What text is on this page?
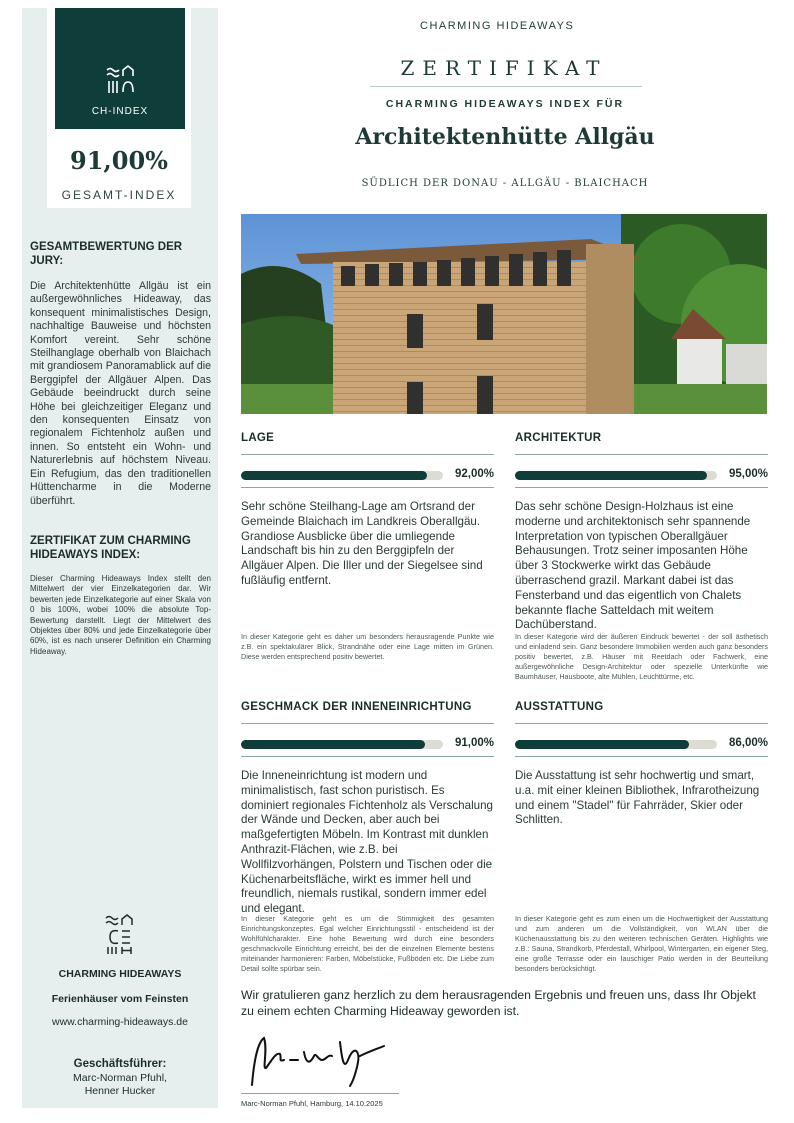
CH-INDEX
91,00%
GESAMT-INDEX
GESAMTBEWERTUNG DER JURY:
Die Architektenhütte Allgäu ist ein außergewöhnliches Hideaway, das konsequent minimalistisches Design, nachhaltige Bauweise und höchsten Komfort vereint. Sehr schöne Steilhanglage oberhalb von Blaichach mit grandiosem Panoramablick auf die Berggipfel der Allgäuer Alpen. Das Gebäude beeindruckt durch seine Höhe bei gleichzeitiger Eleganz und den konsequenten Einsatz von regionalem Fichtenholz außen und innen. So entsteht ein Wohn- und Naturerlebnis auf höchstem Niveau. Ein Refugium, das den traditionellen Hüttencharme in die Moderne überführt.
ZERTIFIKAT ZUM CHARMING HIDEAWAYS INDEX:
Dieser Charming Hideaways Index stellt den Mittelwert der vier Einzelkategorien dar. Wir bewerten jede Einzelkategorie auf einer Skala von 0 bis 100%, wobei 100% die absolute Top-Bewertung darstellt. Liegt der Mittelwert des Objektes über 80% und jede Einzelkategorie über 60%, ist es nach unserer Definition ein Charming Hideaway.
CHARMING HIDEAWAYS
Ferienhäuser vom Feinsten
www.charming-hideaways.de
Geschäftsführer:
Marc-Norman Pfuhl,
Henner Hucker
CHARMING HIDEAWAYS
ZERTIFIKAT
CHARMING HIDEAWAYS INDEX FÜR
Architektenhütte Allgäu
SÜDLICH DER DONAU - ALLGÄU - BLAICHACH
LAGE
92,00%
Sehr schöne Steilhang-Lage am Ortsrand der Gemeinde Blaichach im Landkreis Oberallgäu. Grandiose Ausblicke über die umliegende Landschaft bis hin zu den Berggipfeln der Allgäuer Alpen. Die Iller und der Siegelsee sind fußläufig entfernt.
In dieser Kategorie geht es daher um besonders herausragende Punkte wie z.B. ein spektakulärer Blick, Strandnähe oder eine Lage mitten im Grünen. Diese werden entsprechend positiv bewertet.
ARCHITEKTUR
95,00%
Das sehr schöne Design-Holzhaus ist eine moderne und architektonisch sehr spannende Interpretation von typischen Oberallgäuer Behausungen. Trotz seiner imposanten Höhe über 3 Stockwerke wirkt das Gebäude überraschend grazil. Markant dabei ist das Fensterband und das eigentlich von Chalets bekannte flache Satteldach mit weitem Dachüberstand.
In dieser Kategorie wird der äußeren Eindruck bewertet - der soll ästhetisch und einladend sein. Ganz besondere Immobilien werden auch ganz besonders positiv bewertet, z.B. Häuser mit Reetdach oder Fachwerk, eine außergewöhnliche Design-Architektur oder spezielle Unterkünfte wie Baumhäuser, Hausboote, alte Mühlen, Leuchttürme, etc.
GESCHMACK DER INNENEINRICHTUNG
91,00%
Die Inneneinrichtung ist modern und minimalistisch, fast schon puristisch. Es dominiert regionales Fichtenholz als Verschalung der Wände und Decken, aber auch bei maßgefertigten Möbeln. Im Kontrast mit dunklen Anthrazit-Flächen, wie z.B. bei Wollfilzvorhängen, Polstern und Tischen oder die Küchenarbeitsfläche, wirkt es immer hell und freundlich, niemals rustikal, sondern immer edel und elegant.
In dieser Kategorie geht es um die Stimmigkeit des gesamten Einrichtungskonzeptes. Egal welcher Einrichtungsstil - entscheidend ist der Wohlfühlcharakter. Eine hohe Bewertung wird durch eine besonders geschmackvolle Einrichtung erreicht, bei der die einzelnen Elemente bestens miteinander harmonieren: Farben, Möbelstücke, Fußböden etc. Die Liebe zum Detail sollte spürbar sein.
AUSSTATTUNG
86,00%
Die Ausstattung ist sehr hochwertig und smart, u.a. mit einer kleinen Bibliothek, Infrarotheizung und einem "Stadel" für Fahrräder, Skier oder Schlitten.
In dieser Kategorie geht es zum einen um die Hochwertigkeit der Ausstattung und zum anderen um die Vollständigkeit, von WLAN über die Küchenausstattung bis zu den weiteren technischen Geräten. Highlights wie z.B.: Sauna, Strandkorb, Pferdestall, Whirlpool, Wintergarten, ein eigener Steg, eine große Terrasse oder ein lauschiger Patio werden in der Beurteilung besonders berücksichtigt.
Wir gratulieren ganz herzlich zu dem herausragenden Ergebnis und freuen uns, dass Ihr Objekt zu einem echten Charming Hideaway geworden ist.
Marc-Norman Pfuhl, Hamburg, 14.10.2025
